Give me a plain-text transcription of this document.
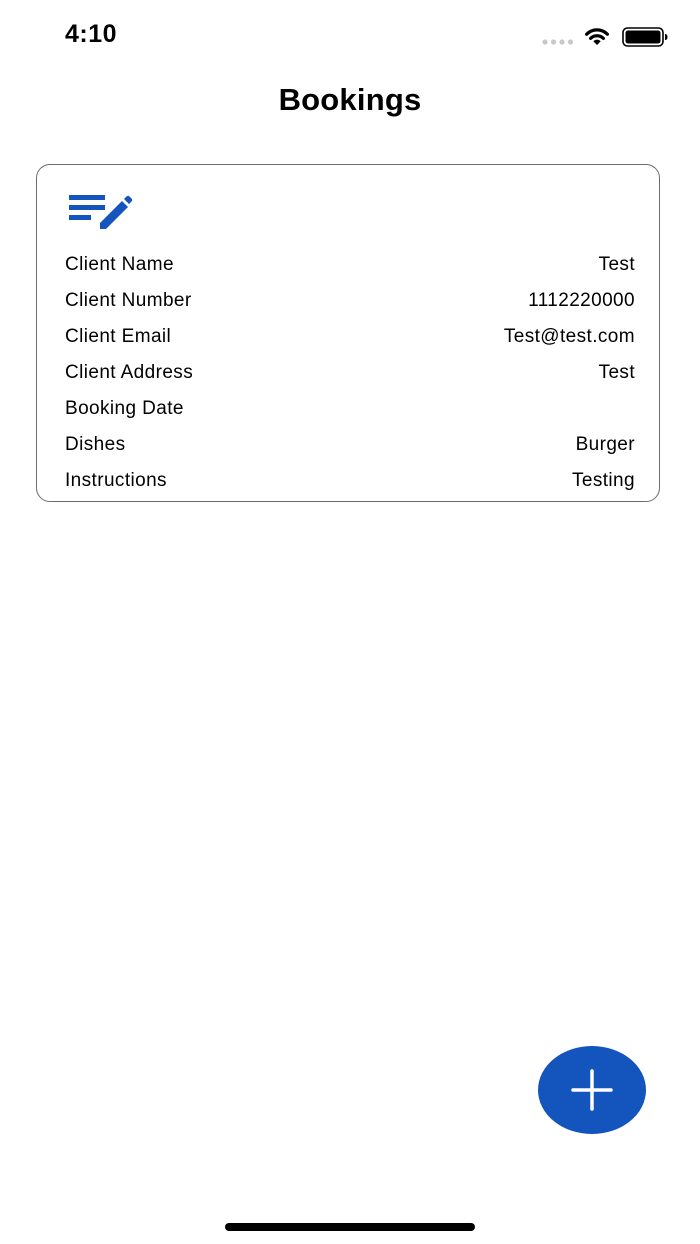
4:10
Bookings
Client Name	Test
Client Number	1112220000
Client Email	Test@test.com
Client Address	Test
Booking Date
Dishes	Burger
Instructions	Testing
